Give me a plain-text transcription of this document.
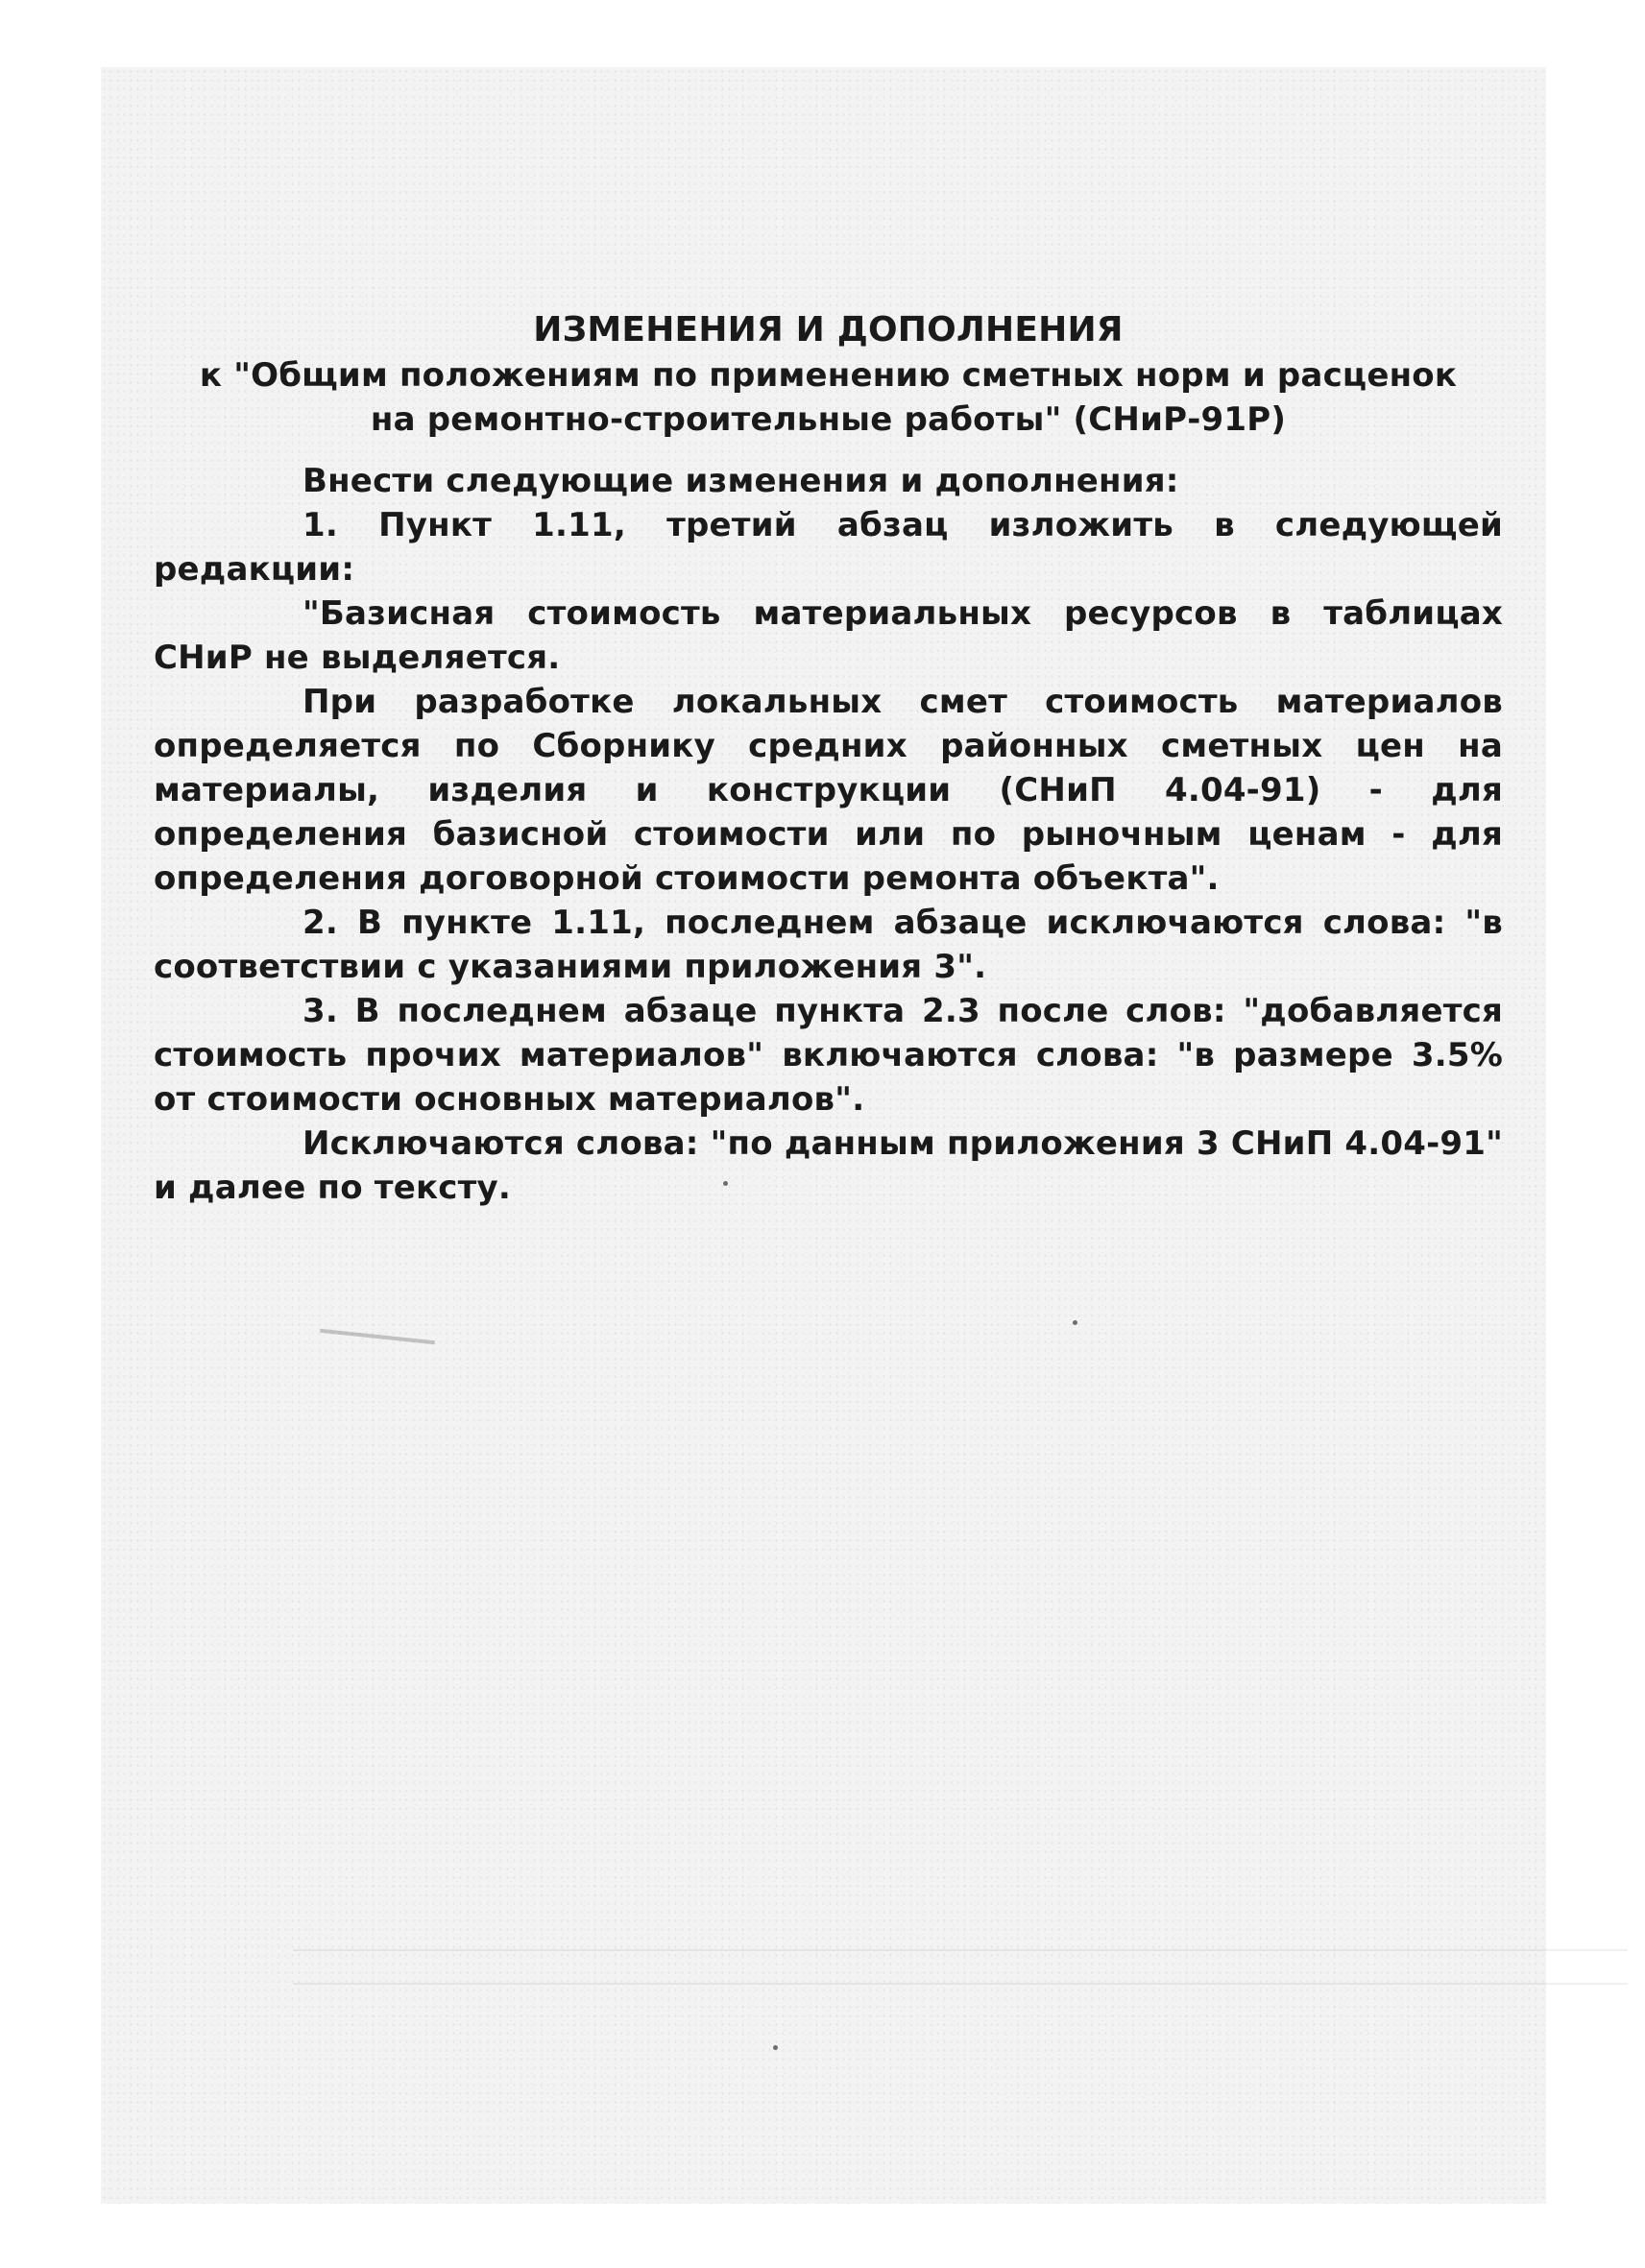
ИЗМЕНЕНИЯ И ДОПОЛНЕНИЯ

к "Общим положениям по применению сметных норм и расценок на ремонтно-строительные работы" (СНиР-91Р)

Внести следующие изменения и дополнения:

1. Пункт 1.11, третий абзац изложить в следующей редакции:

"Базисная стоимость материальных ресурсов в таблицах СНиР не выделяется.

При разработке локальных смет стоимость материалов определяется по Сборнику средних районных сметных цен на материалы, изделия и конструкции (СНиП 4.04-91) - для определения базисной стоимости или по рыночным ценам - для определения договорной стоимости ремонта объекта".

2. В пункте 1.11, последнем абзаце исключаются слова: "в соответствии с указаниями приложения 3".

3. В последнем абзаце пункта 2.3 после слов: "добавляется стоимость прочих материалов" включаются слова: "в размере 3.5% от стоимости основных материалов".

Исключаются слова: "по данным приложения 3 СНиП 4.04-91" и далее по тексту.
